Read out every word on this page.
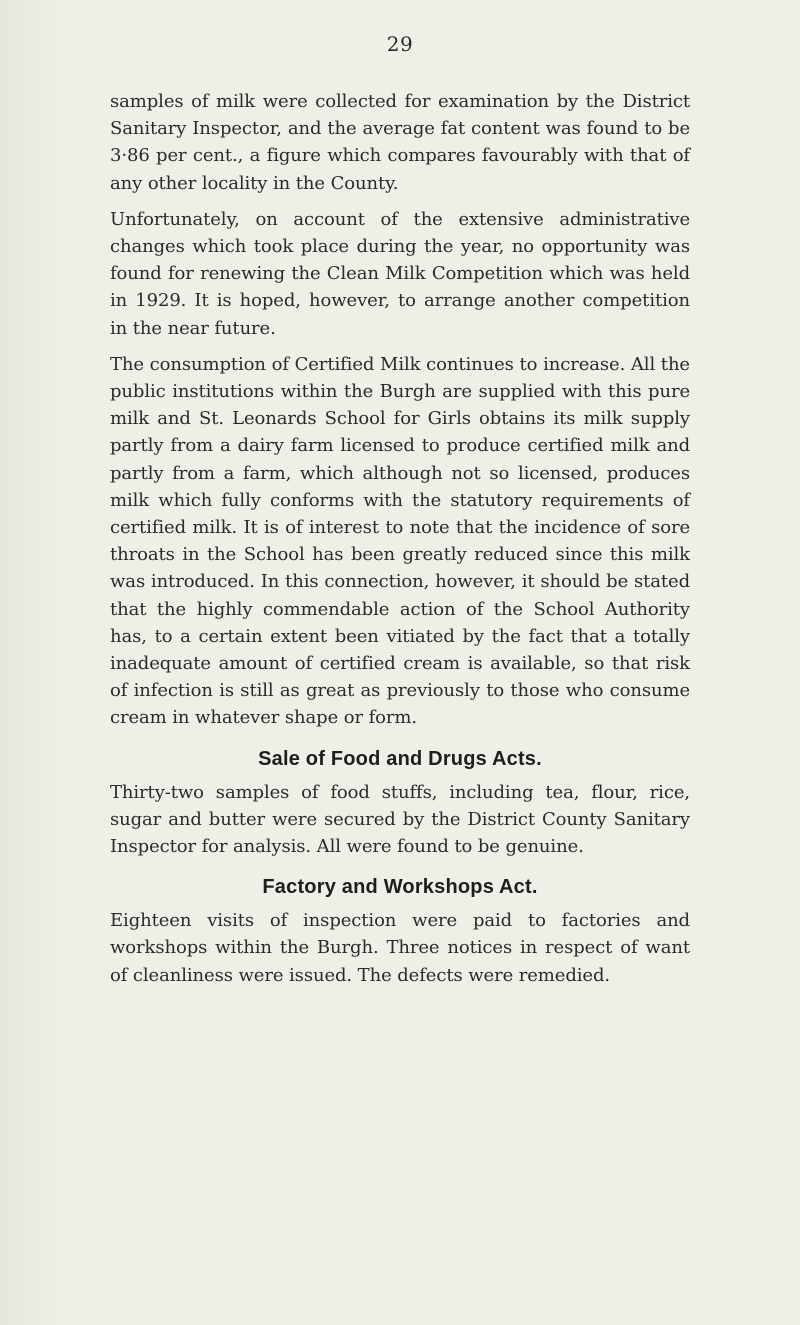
29

samples of milk were collected for examination by the District Sanitary Inspector, and the average fat content was found to be 3·86 per cent., a figure which compares favourably with that of any other locality in the County.

Unfortunately, on account of the extensive administrative changes which took place during the year, no opportunity was found for renewing the Clean Milk Competition which was held in 1929. It is hoped, however, to arrange another competition in the near future.

The consumption of Certified Milk continues to increase. All the public institutions within the Burgh are supplied with this pure milk and St. Leonards School for Girls obtains its milk supply partly from a dairy farm licensed to produce certified milk and partly from a farm, which although not so licensed, produces milk which fully conforms with the statutory requirements of certified milk. It is of interest to note that the incidence of sore throats in the School has been greatly reduced since this milk was introduced. In this connection, however, it should be stated that the highly commendable action of the School Authority has, to a certain extent been vitiated by the fact that a totally inadequate amount of certified cream is available, so that risk of infection is still as great as previously to those who consume cream in whatever shape or form.

Sale of Food and Drugs Acts.

Thirty-two samples of food stuffs, including tea, flour, rice, sugar and butter were secured by the District County Sanitary Inspector for analysis. All were found to be genuine.

Factory and Workshops Act.

Eighteen visits of inspection were paid to factories and workshops within the Burgh. Three notices in respect of want of cleanliness were issued. The defects were remedied.
